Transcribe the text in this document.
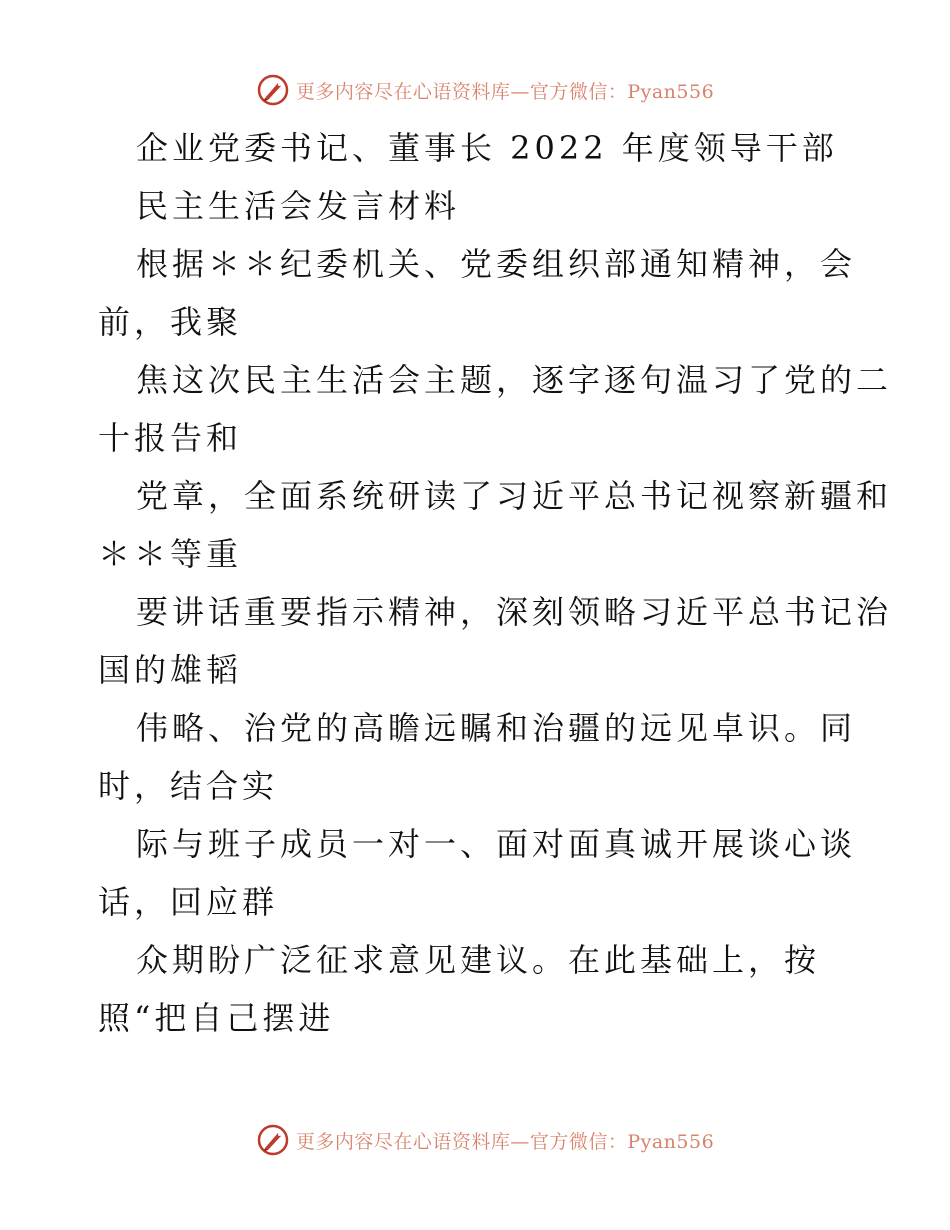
更多内容尽在心语资料库—官方微信：Pyan556
企业党委书记、董事长 2022 年度领导干部
民主生活会发言材料
根据＊＊纪委机关、党委组织部通知精神，会
前，我聚
焦这次民主生活会主题，逐字逐句温习了党的二
十报告和
党章，全面系统研读了习近平总书记视察新疆和
＊＊等重
要讲话重要指示精神，深刻领略习近平总书记治
国的雄韬
伟略、治党的高瞻远瞩和治疆的远见卓识。同
时，结合实
际与班子成员一对一、面对面真诚开展谈心谈
话，回应群
众期盼广泛征求意见建议。在此基础上，按
照“把自己摆进
更多内容尽在心语资料库—官方微信：Pyan556
